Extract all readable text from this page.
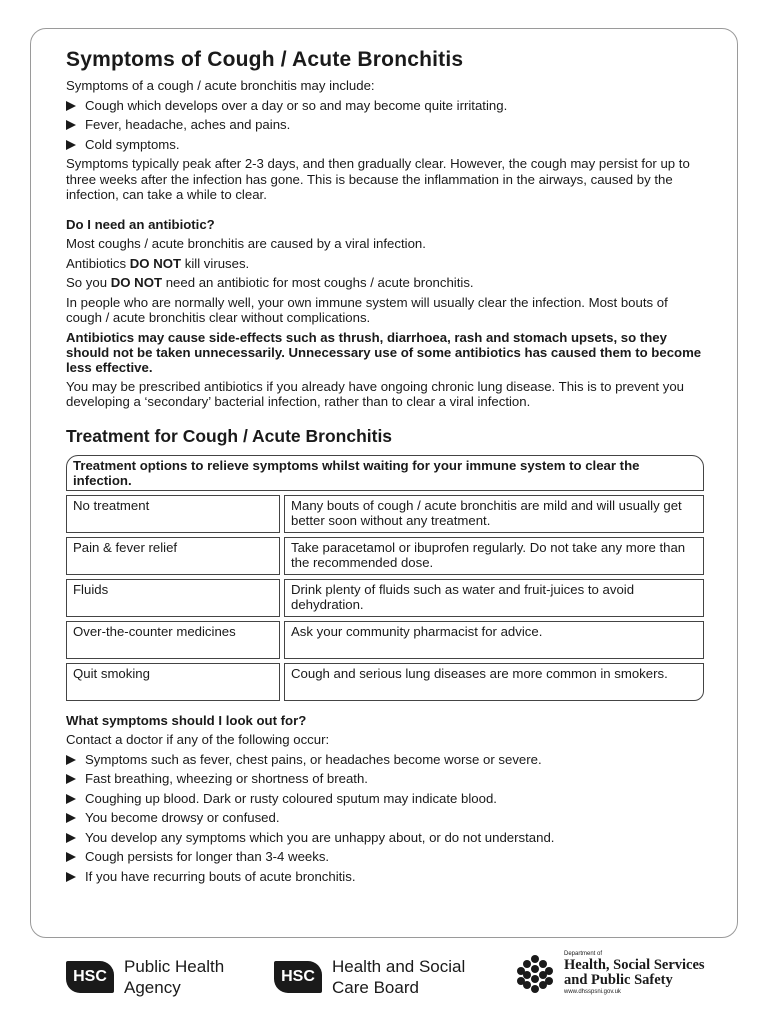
Symptoms of Cough / Acute Bronchitis

Symptoms of a cough / acute bronchitis may include:

Cough which develops over a day or so and may become quite irritating.
Fever, headache, aches and pains.
Cold symptoms.

Symptoms typically peak after 2-3 days, and then gradually clear. However, the cough may persist for up to three weeks after the infection has gone. This is because the inflammation in the airways, caused by the infection, can take a while to clear.

Do I need an antibiotic?

Most coughs / acute bronchitis are caused by a viral infection.

Antibiotics DO NOT kill viruses.

So you DO NOT need an antibiotic for most coughs / acute bronchitis.

In people who are normally well, your own immune system will usually clear the infection. Most bouts of cough / acute bronchitis clear without complications.

Antibiotics may cause side-effects such as thrush, diarrhoea, rash and stomach upsets, so they should not be taken unnecessarily. Unnecessary use of some antibiotics has caused them to become less effective.

You may be prescribed antibiotics if you already have ongoing chronic lung disease. This is to prevent you developing a ‘secondary’ bacterial infection, rather than to clear a viral infection.

Treatment for Cough / Acute Bronchitis
Treatment options to relieve symptoms whilst waiting for your immune system to clear the infection.
No treatment	Many bouts of cough / acute bronchitis are mild and will usually get better soon without any treatment.
Pain & fever relief	Take paracetamol or ibuprofen regularly. Do not take any more than the recommended dose.
Fluids	Drink plenty of fluids such as water and fruit-juices to avoid dehydration.
Over-the-counter medicines	Ask your community pharmacist for advice.
Quit smoking	Cough and serious lung diseases are more common in smokers.
What symptoms should I look out for?

Contact a doctor if any of the following occur:

Symptoms such as fever, chest pains, or headaches become worse or severe.
Fast breathing, wheezing or shortness of breath.
Coughing up blood. Dark or rusty coloured sputum may indicate blood.
You become drowsy or confused.
You develop any symptoms which you are unhappy about, or do not understand.
Cough persists for longer than 3-4 weeks.
If you have recurring bouts of acute bronchitis.
HSC
Public Health
Agency
HSC
Health and Social
Care Board
Department of
Health, Social Services
and Public Safety
www.dhsspsni.gov.uk
